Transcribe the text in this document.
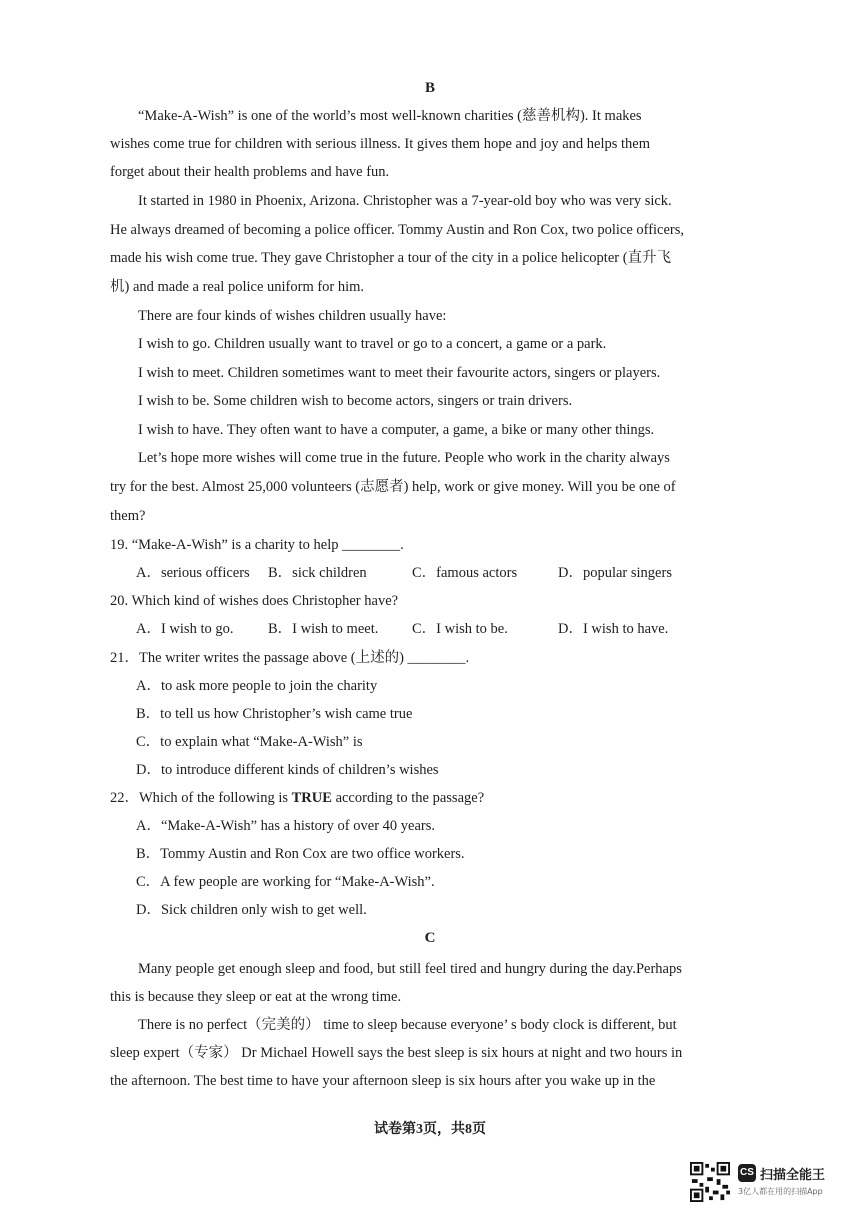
B
“Make-A-Wish” is one of the world’s most well-known charities (慈善机构). It makes
wishes come true for children with serious illness. It gives them hope and joy and helps them
forget about their health problems and have fun.
It started in 1980 in Phoenix, Arizona. Christopher was a 7-year-old boy who was very sick.
He always dreamed of becoming a police officer. Tommy Austin and Ron Cox, two police officers,
made his wish come true. They gave Christopher a tour of the city in a police helicopter (直升飞
机) and made a real police uniform for him.
There are four kinds of wishes children usually have:
I wish to go. Children usually want to travel or go to a concert, a game or a park.
I wish to meet. Children sometimes want to meet their favourite actors, singers or players.
I wish to be. Some children wish to become actors, singers or train drivers.
I wish to have. They often want to have a computer, a game, a bike or many other things.
Let’s hope more wishes will come true in the future. People who work in the charity always
try for the best. Almost 25,000 volunteers (志愿者) help, work or give money. Will you be one of
them?
19. “Make-A-Wish” is a charity to help ________.
A．serious officers B．sick children	C．famous actors	D．popular singers
20. Which kind of wishes does Christopher have?
A．I wish to go. B．I wish to meet. C．I wish to be.	D．I wish to have.
21．The writer writes the passage above (上述的) ________.
A．to ask more people to join the charity
B．to tell us how Christopher’s wish came true
C．to explain what “Make-A-Wish” is
D．to introduce different kinds of children’s wishes
22．Which of the following is TRUE according to the passage?
A．“Make-A-Wish” has a history of over 40 years.
B．Tommy Austin and Ron Cox are two office workers.
C．A few people are working for “Make-A-Wish”.
D．Sick children only wish to get well.
C
Many people get enough sleep and food, but still feel tired and hungry during the day.Perhaps
this is because they sleep or eat at the wrong time.
There is no perfect（完美的） time to sleep because everyone’ s body clock is different, but
sleep expert（专家） Dr Michael Howell says the best sleep is six hours at night and two hours in
the afternoon. The best time to have your afternoon sleep is six hours after you wake up in the
试卷第3页，共8页
CS 扫描全能王
3亿人都在用的扫描App
